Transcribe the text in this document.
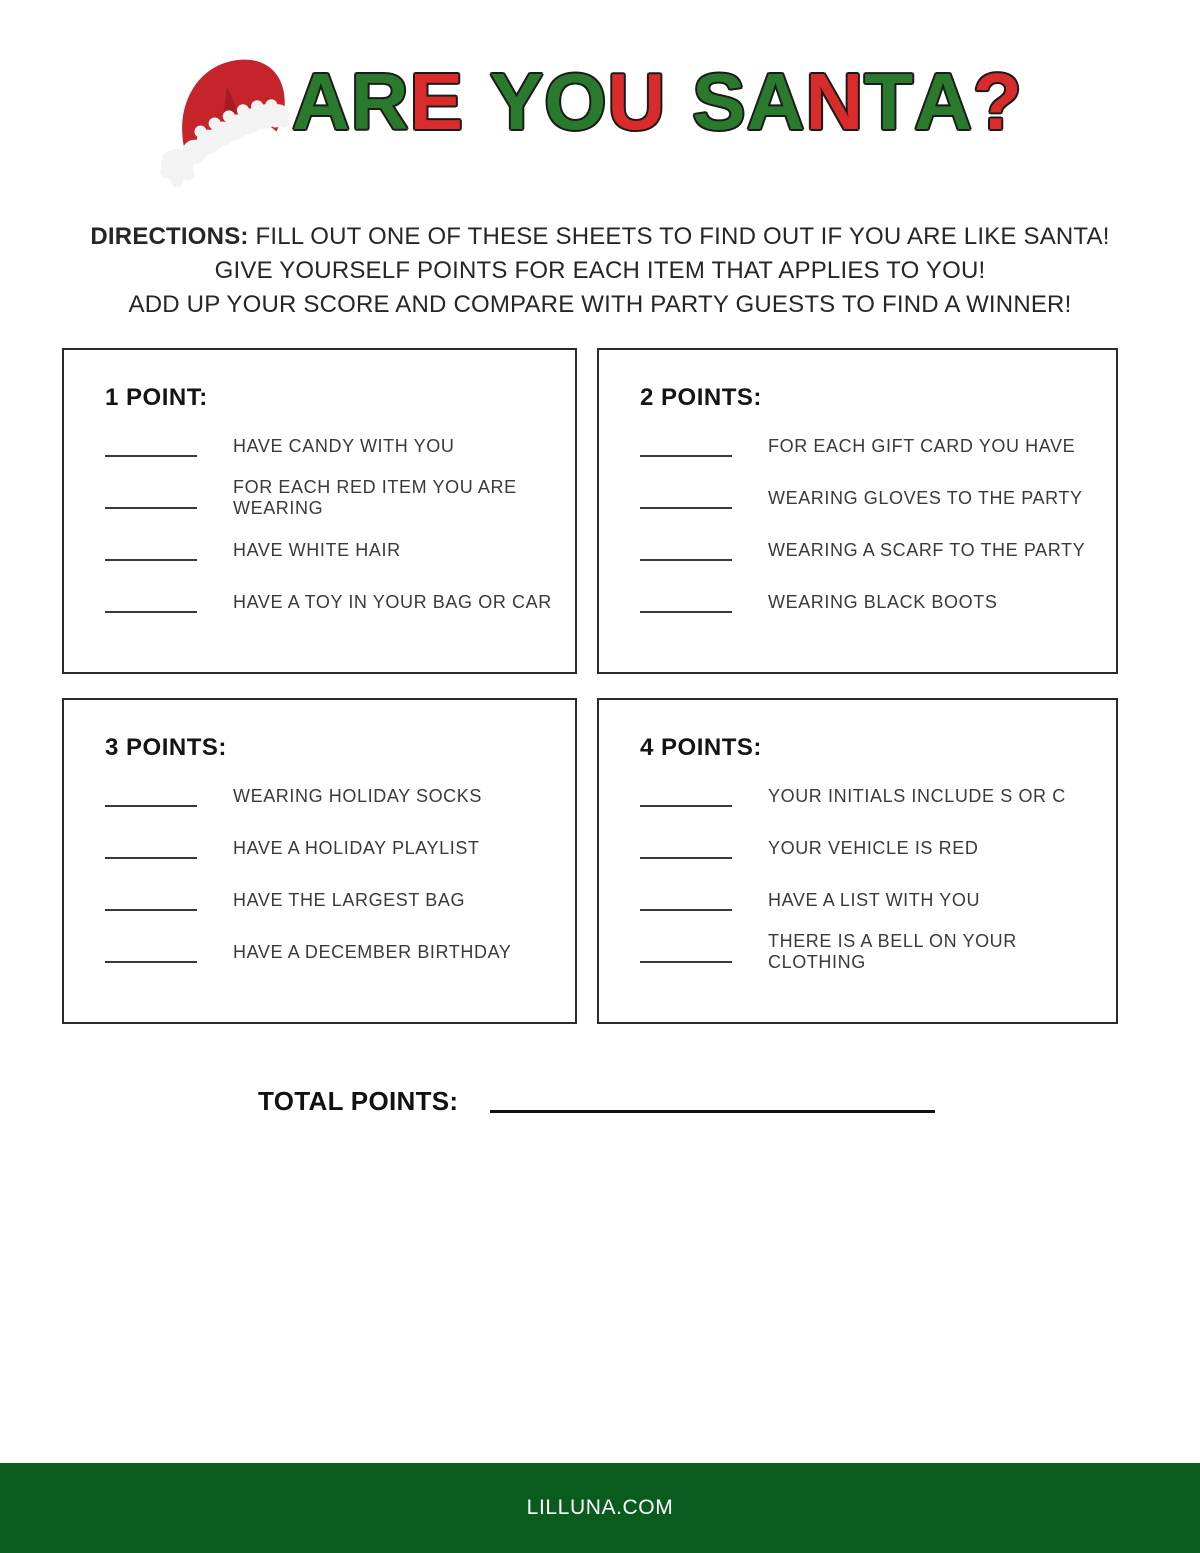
ARE YOU SANTA?

DIRECTIONS: FILL OUT ONE OF THESE SHEETS TO FIND OUT IF YOU ARE LIKE SANTA!

GIVE YOURSELF POINTS FOR EACH ITEM THAT APPLIES TO YOU!

ADD UP YOUR SCORE AND COMPARE WITH PARTY GUESTS TO FIND A WINNER!

1 POINT:
HAVE CANDY WITH YOU
FOR EACH RED ITEM YOU ARE WEARING
HAVE WHITE HAIR
HAVE A TOY IN YOUR BAG OR CAR
2 POINTS:
FOR EACH GIFT CARD YOU HAVE
WEARING GLOVES TO THE PARTY
WEARING A SCARF TO THE PARTY
WEARING BLACK BOOTS
3 POINTS:
WEARING HOLIDAY SOCKS
HAVE A HOLIDAY PLAYLIST
HAVE THE LARGEST BAG
HAVE A DECEMBER BIRTHDAY
4 POINTS:
YOUR INITIALS INCLUDE S OR C
YOUR VEHICLE IS RED
HAVE A LIST WITH YOU
THERE IS A BELL ON YOUR CLOTHING
TOTAL POINTS:
LILLUNA.COM
